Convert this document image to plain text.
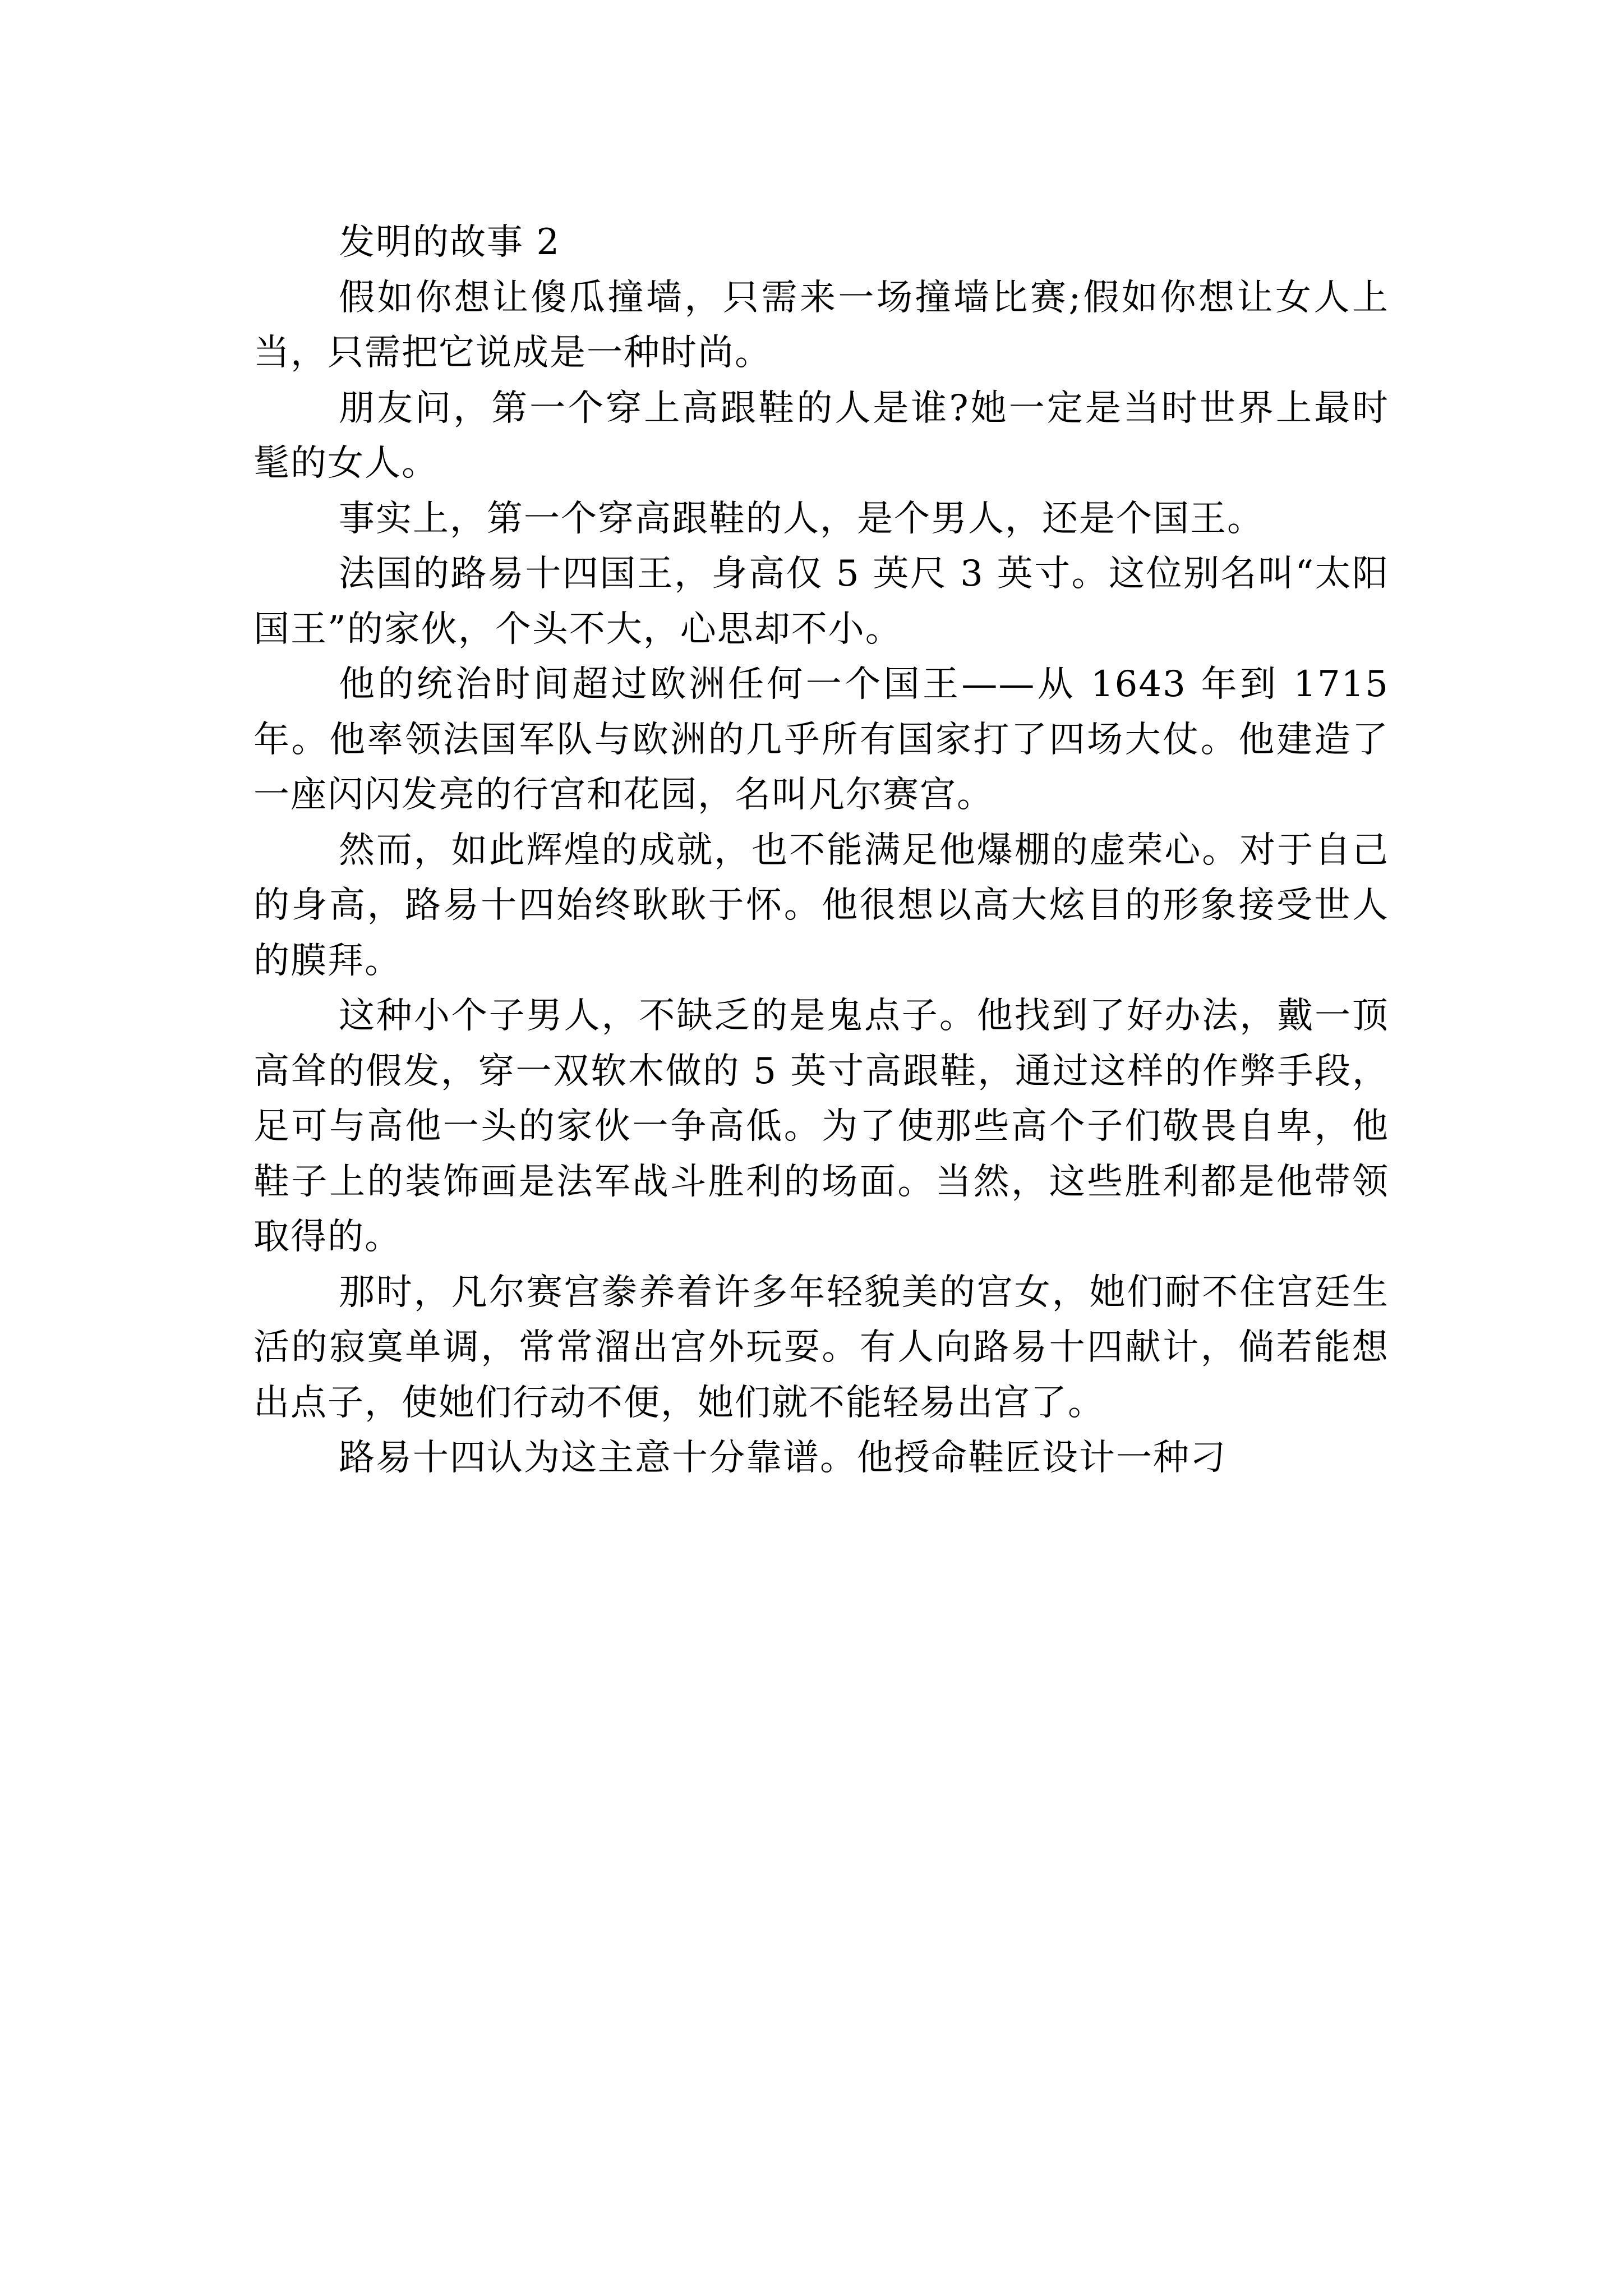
发明的故事 2

假如你想让傻瓜撞墙，只需来一场撞墙比赛;假如你想让女人上当，只需把它说成是一种时尚。

朋友问，第一个穿上高跟鞋的人是谁?她一定是当时世界上最时髦的女人。

事实上，第一个穿高跟鞋的人，是个男人，还是个国王。

法国的路易十四国王，身高仅 5 英尺 3 英寸。这位别名叫“太阳国王”的家伙，个头不大，心思却不小。

他的统治时间超过欧洲任何一个国王——从 1643 年到 1715 年。他率领法国军队与欧洲的几乎所有国家打了四场大仗。他建造了一座闪闪发亮的行宫和花园，名叫凡尔赛宫。

然而，如此辉煌的成就，也不能满足他爆棚的虚荣心。对于自己的身高，路易十四始终耿耿于怀。他很想以高大炫目的形象接受世人的膜拜。

这种小个子男人，不缺乏的是鬼点子。他找到了好办法，戴一顶高耸的假发，穿一双软木做的 5 英寸高跟鞋，通过这样的作弊手段，足可与高他一头的家伙一争高低。为了使那些高个子们敬畏自卑，他鞋子上的装饰画是法军战斗胜利的场面。当然，这些胜利都是他带领取得的。

那时，凡尔赛宫豢养着许多年轻貌美的宫女，她们耐不住宫廷生活的寂寞单调，常常溜出宫外玩耍。有人向路易十四献计，倘若能想出点子，使她们行动不便，她们就不能轻易出宫了。

路易十四认为这主意十分靠谱。他授命鞋匠设计一种刁
